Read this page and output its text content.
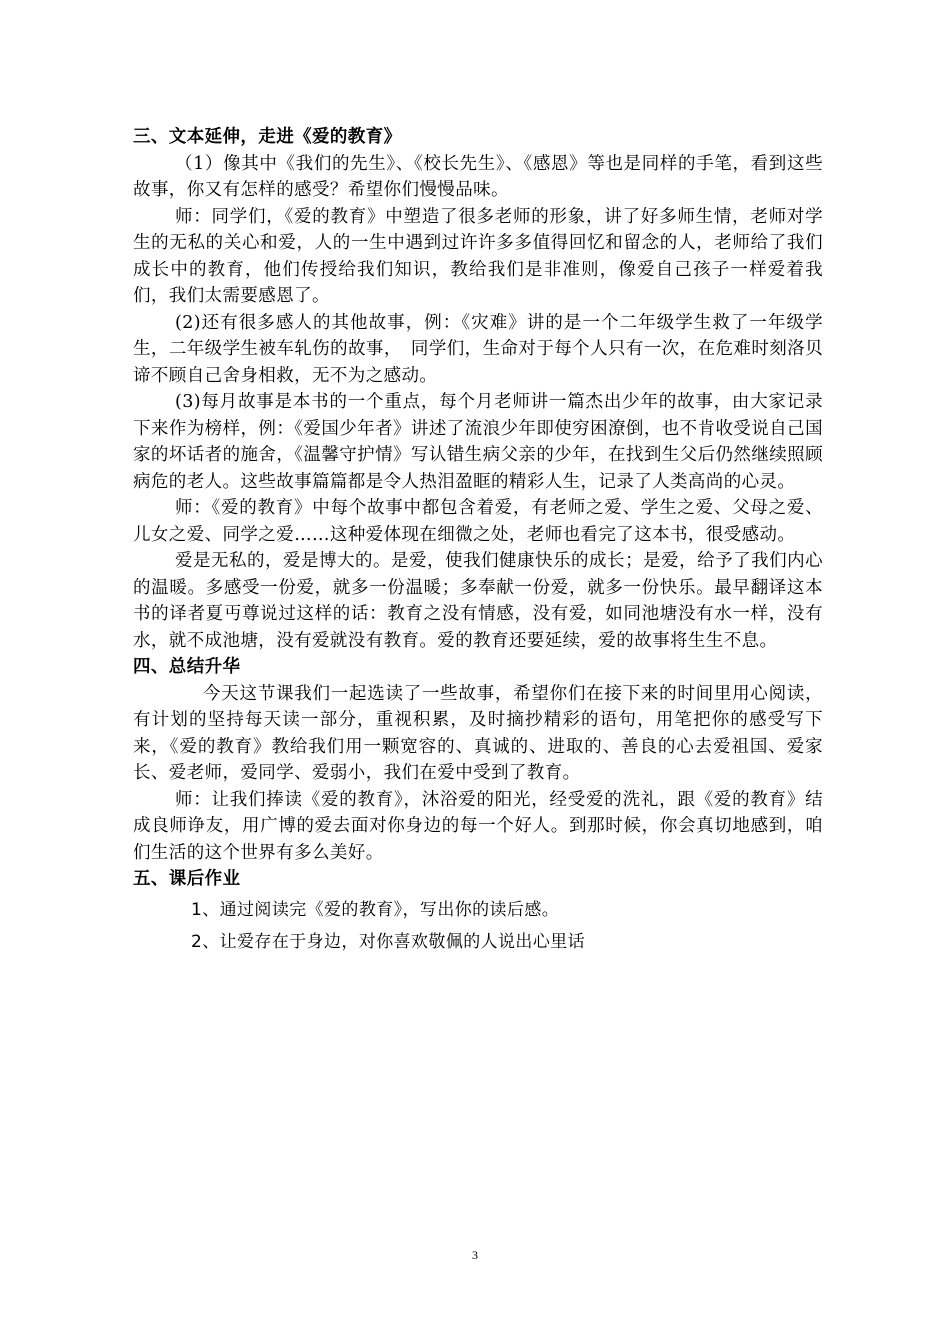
三、文本延伸，走进《爱的教育》

（1）像其中《我们的先生》、《校长先生》、《感恩》等也是同样的手笔，看到这些故事，你又有怎样的感受？希望你们慢慢品味。

师：同学们，《爱的教育》中塑造了很多老师的形象，讲了好多师生情，老师对学生的无私的关心和爱，人的一生中遇到过许许多多值得回忆和留念的人，老师给了我们成长中的教育，他们传授给我们知识，教给我们是非准则，像爱自己孩子一样爱着我们，我们太需要感恩了。

(2)还有很多感人的其他故事，例：《灾难》讲的是一个二年级学生救了一年级学生，二年级学生被车轧伤的故事，　同学们，生命对于每个人只有一次，在危难时刻洛贝谛不顾自己舍身相救，无不为之感动。

(3)每月故事是本书的一个重点，每个月老师讲一篇杰出少年的故事，由大家记录下来作为榜样，例：《爱国少年者》讲述了流浪少年即使穷困潦倒，也不肯收受说自己国家的坏话者的施舍，《温馨守护情》写认错生病父亲的少年，在找到生父后仍然继续照顾病危的老人。这些故事篇篇都是令人热泪盈眶的精彩人生，记录了人类高尚的心灵。

师：《爱的教育》中每个故事中都包含着爱，有老师之爱、学生之爱、父母之爱、儿女之爱、同学之爱……这种爱体现在细微之处，老师也看完了这本书，很受感动。

爱是无私的，爱是博大的。是爱，使我们健康快乐的成长；是爱，给予了我们内心的温暖。多感受一份爱，就多一份温暖；多奉献一份爱，就多一份快乐。最早翻译这本书的译者夏丏尊说过这样的话：教育之没有情感，没有爱，如同池塘没有水一样，没有水，就不成池塘，没有爱就没有教育。爱的教育还要延续，爱的故事将生生不息。

四、总结升华

今天这节课我们一起选读了一些故事，希望你们在接下来的时间里用心阅读，有计划的坚持每天读一部分，重视积累，及时摘抄精彩的语句，用笔把你的感受写下来，《爱的教育》教给我们用一颗宽容的、真诚的、进取的、善良的心去爱祖国、爱家长、爱老师，爱同学、爱弱小，我们在爱中受到了教育。

师：让我们捧读《爱的教育》，沐浴爱的阳光，经受爱的洗礼，跟《爱的教育》结成良师诤友，用广博的爱去面对你身边的每一个好人。到那时候，你会真切地感到，咱们生活的这个世界有多么美好。

五、课后作业

1、通过阅读完《爱的教育》，写出你的读后感。

2、让爱存在于身边，对你喜欢敬佩的人说出心里话

3
